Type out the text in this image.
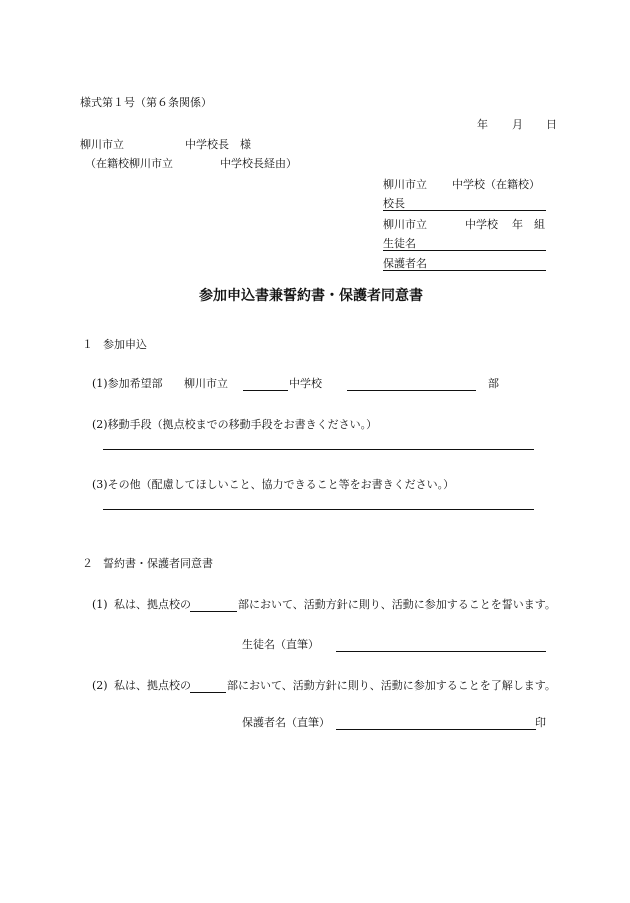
様式第１号（第６条関係）
年 月 日
柳川市立	中学校長　様
（在籍校柳川市立	中学校長経由）
柳川市立 中学校（在籍校）
校長
柳川市立	中学校 年 組
生徒名
保護者名
参加申込書兼誓約書・保護者同意書
１ 参加申込
(1)参加希望部 柳川市立	中学校	部
(2)移動手段（拠点校までの移動手段をお書きください。）
(3)その他（配慮してほしいこと、協力できること等をお書きください。）
２ 誓約書・保護者同意書
(1) 私は、拠点校の	部において、活動方針に則り、活動に参加することを誓います。
生徒名（直筆）
(2) 私は、拠点校の	部において、活動方針に則り、活動に参加することを了解します。
保護者名（直筆）	印
